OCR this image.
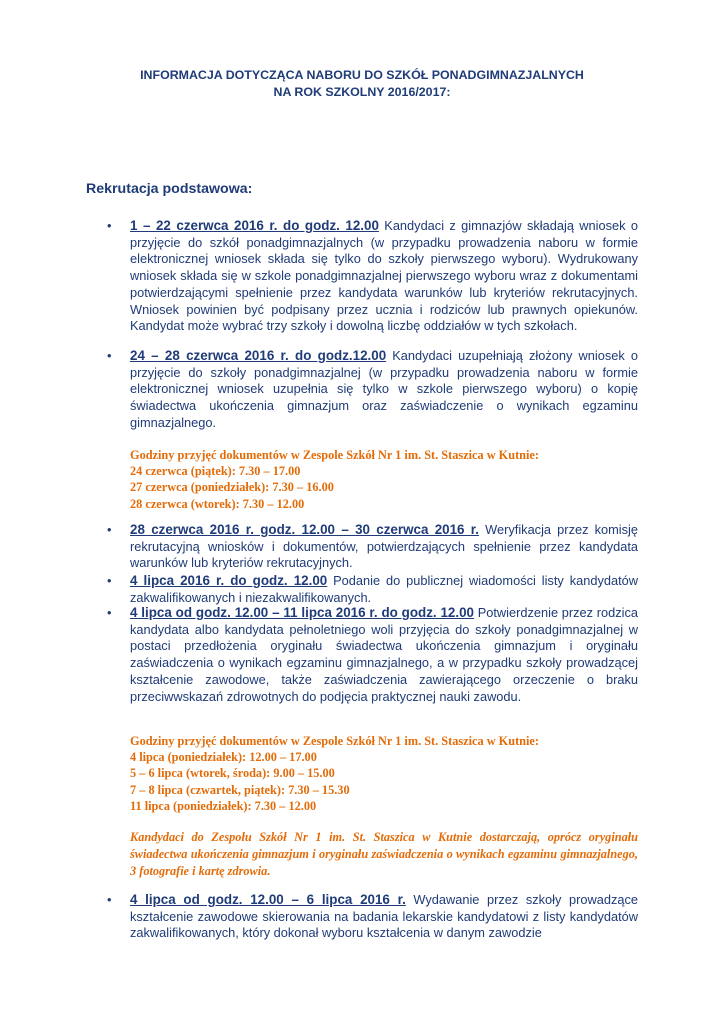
INFORMACJA DOTYCZĄCA NABORU DO SZKÓŁ PONADGIMNAZJALNYCH
NA ROK SZKOLNY 2016/2017:
Rekrutacja podstawowa:

• 1 – 22 czerwca 2016 r. do godz. 12.00 Kandydaci z gimnazjów składają wniosek o przyjęcie do szkół ponadgimnazjalnych (w przypadku prowadzenia naboru w formie elektronicznej wniosek składa się tylko do szkoły pierwszego wyboru). Wydrukowany wniosek składa się w szkole ponadgimnazjalnej pierwszego wyboru wraz z dokumentami potwierdzającymi spełnienie przez kandydata warunków lub kryteriów rekrutacyjnych. Wniosek powinien być podpisany przez ucznia i rodziców lub prawnych opiekunów. Kandydat może wybrać trzy szkoły i dowolną liczbę oddziałów w tych szkołach.

• 24 – 28 czerwca 2016 r. do godz.12.00 Kandydaci uzupełniają złożony wniosek o przyjęcie do szkoły ponadgimnazjalnej (w przypadku prowadzenia naboru w formie elektronicznej wniosek uzupełnia się tylko w szkole pierwszego wyboru) o kopię świadectwa ukończenia gimnazjum oraz zaświadczenie o wynikach egzaminu gimnazjalnego.

Godziny przyjęć dokumentów w Zespole Szkół Nr 1 im. St. Staszica w Kutnie:
24 czerwca (piątek): 7.30 – 17.00
27 czerwca (poniedziałek): 7.30 – 16.00
28 czerwca (wtorek): 7.30 – 12.00

• 28 czerwca 2016 r. godz. 12.00 – 30 czerwca 2016 r. Weryfikacja przez komisję rekrutacyjną wniosków i dokumentów, potwierdzających spełnienie przez kandydata warunków lub kryteriów rekrutacyjnych.

• 4 lipca 2016 r. do godz. 12.00 Podanie do publicznej wiadomości listy kandydatów zakwalifikowanych i niezakwalifikowanych.

• 4 lipca od godz. 12.00 – 11 lipca 2016 r. do godz. 12.00 Potwierdzenie przez rodzica kandydata albo kandydata pełnoletniego woli przyjęcia do szkoły ponadgimnazjalnej w postaci przedłożenia oryginału świadectwa ukończenia gimnazjum i oryginału zaświadczenia o wynikach egzaminu gimnazjalnego, a w przypadku szkoły prowadzącej kształcenie zawodowe, także zaświadczenia zawierającego orzeczenie o braku przeciwwskazań zdrowotnych do podjęcia praktycznej nauki zawodu.

Godziny przyjęć dokumentów w Zespole Szkół Nr 1 im. St. Staszica w Kutnie:
4 lipca (poniedziałek): 12.00 – 17.00
5 – 6 lipca (wtorek, środa): 9.00 – 15.00
7 – 8 lipca (czwartek, piątek): 7.30 – 15.30
11 lipca (poniedziałek): 7.30 – 12.00
Kandydaci do Zespołu Szkół Nr 1 im. St. Staszica w Kutnie dostarczają, oprócz oryginału świadectwa ukończenia gimnazjum i oryginału zaświadczenia o wynikach egzaminu gimnazjalnego, 3 fotografie i kartę zdrowia.

• 4 lipca od godz. 12.00 – 6 lipca 2016 r. Wydawanie przez szkoły prowadzące kształcenie zawodowe skierowania na badania lekarskie kandydatowi z listy kandydatów zakwalifikowanych, który dokonał wyboru kształcenia w danym zawodzie
